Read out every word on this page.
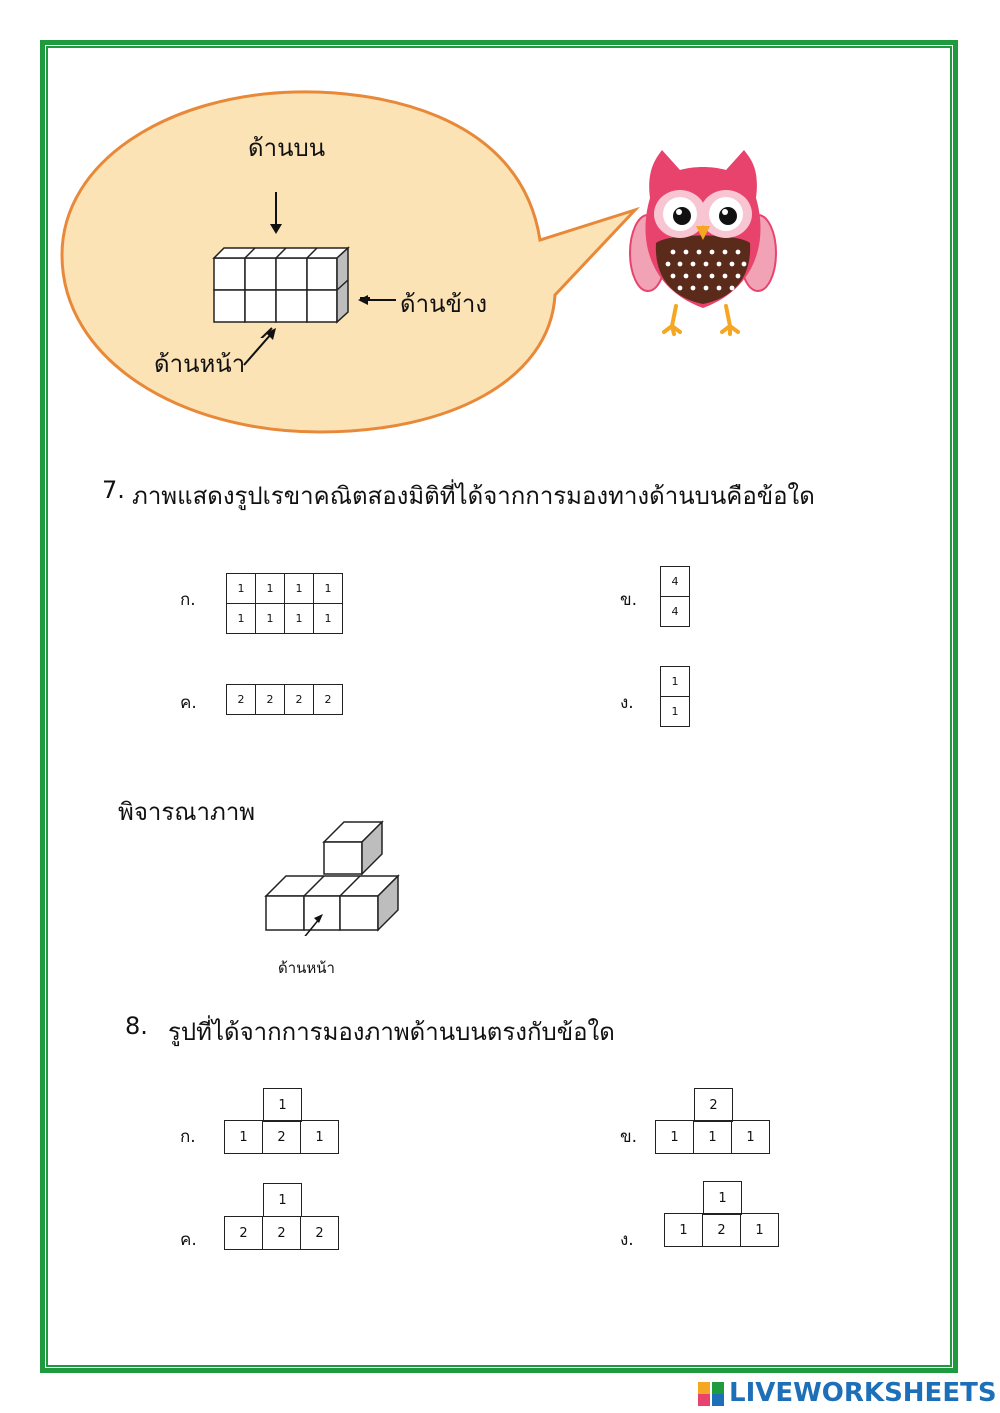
ด้านบน
ด้านข้าง
ด้านหน้า
7. ภาพแสดงรูปเรขาคณิตสองมิติที่ได้จากการมองทางด้านบนคือข้อใด
ก.
1	1	1	1
1	1	1	1
ข.
4
4
ค.	2	2	2	2	ง.
1
1
พิจารณาภาพ
ด้านหน้า
8. รูปที่ได้จากการมองภาพด้านบนตรงกับข้อใด
ก.
1
1	2	1	ข.
2
1	1	1
ค.
1
2	2	2	ง.
1
1	2	1

LIVEWORKSHEETS
